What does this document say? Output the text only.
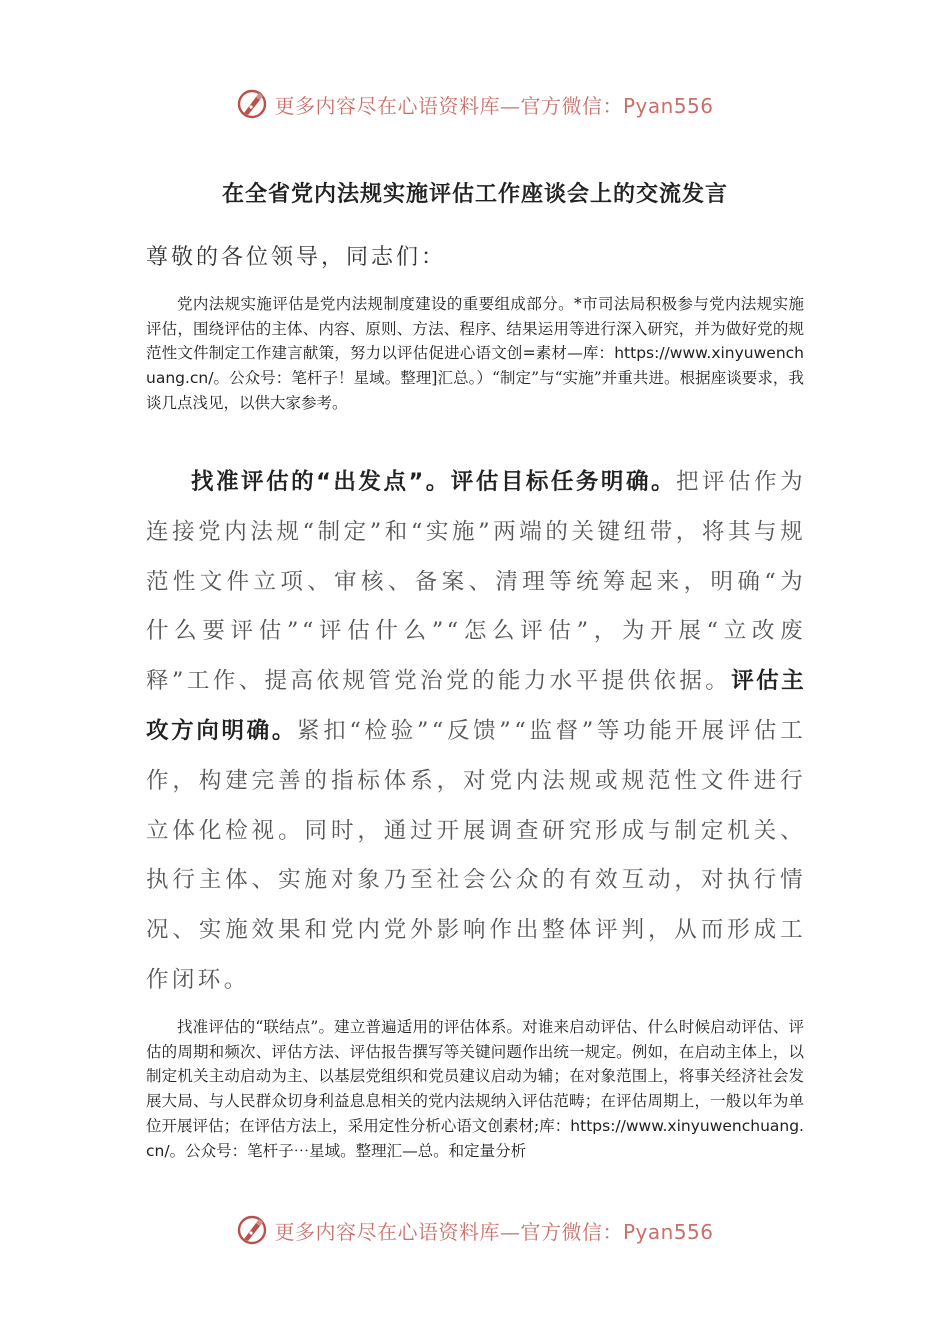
更多内容尽在心语资料库—官方微信：Pyan556
在全省党内法规实施评估工作座谈会上的交流发言

尊敬的各位领导，同志们：

党内法规实施评估是党内法规制度建设的重要组成部分。*市司法局积极参与党内法规实施评估，围绕评估的主体、内容、原则、方法、程序、结果运用等进行深入研究，并为做好党的规范性文件制定工作建言献策，努力以评估促进心语文创=素材—库：https://www.xinyuwenchuang.cn/。公众号：笔杆子！星域。整理]汇总。）“制定”与“实施”并重共进。根据座谈要求，我谈几点浅见，以供大家参考。

找准评估的“出发点”。评估目标任务明确。把评估作为连接党内法规“制定”和“实施”两端的关键纽带，将其与规范性文件立项、审核、备案、清理等统筹起来，明确“为什么要评估”“评估什么”“怎么评估”，为开展“立改废释”工作、提高依规管党治党的能力水平提供依据。评估主攻方向明确。紧扣“检验”“反馈”“监督”等功能开展评估工作，构建完善的指标体系，对党内法规或规范性文件进行立体化检视。同时，通过开展调查研究形成与制定机关、执行主体、实施对象乃至社会公众的有效互动，对执行情况、实施效果和党内党外影响作出整体评判，从而形成工作闭环。

找准评估的“联结点”。建立普遍适用的评估体系。对谁来启动评估、什么时候启动评估、评估的周期和频次、评估方法、评估报告撰写等关键问题作出统一规定。例如，在启动主体上，以制定机关主动启动为主、以基层党组织和党员建议启动为辅；在对象范围上，将事关经济社会发展大局、与人民群众切身利益息息相关的党内法规纳入评估范畴；在评估周期上，一般以年为单位开展评估；在评估方法上，采用定性分析心语文创素材;库：https://www.xinyuwenchuang.cn/。公众号：笔杆子⋯星域。整理汇—总。和定量分析

更多内容尽在心语资料库—官方微信：Pyan556
